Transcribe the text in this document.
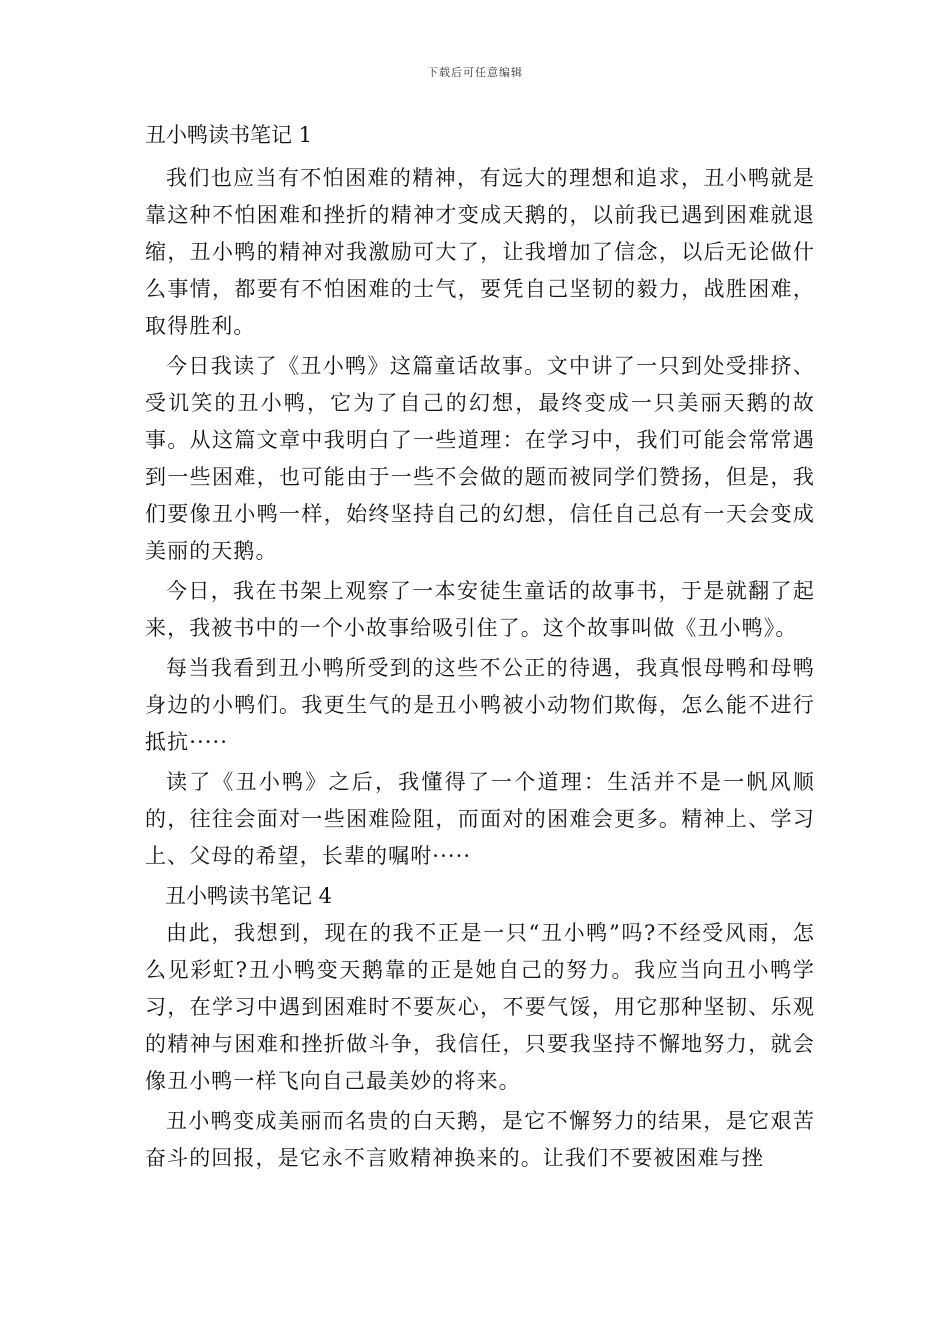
下载后可任意编辑
丑小鸭读书笔记 1

我们也应当有不怕困难的精神，有远大的理想和追求，丑小鸭就是靠这种不怕困难和挫折的精神才变成天鹅的，以前我已遇到困难就退缩，丑小鸭的精神对我激励可大了，让我增加了信念，以后无论做什么事情，都要有不怕困难的士气，要凭自己坚韧的毅力，战胜困难，取得胜利。

今日我读了《丑小鸭》这篇童话故事。文中讲了一只到处受排挤、受讥笑的丑小鸭，它为了自己的幻想，最终变成一只美丽天鹅的故事。从这篇文章中我明白了一些道理：在学习中，我们可能会常常遇到一些困难，也可能由于一些不会做的题而被同学们赞扬，但是，我们要像丑小鸭一样，始终坚持自己的幻想，信任自己总有一天会变成美丽的天鹅。

今日，我在书架上观察了一本安徒生童话的故事书，于是就翻了起来，我被书中的一个小故事给吸引住了。这个故事叫做《丑小鸭》。

每当我看到丑小鸭所受到的这些不公正的待遇，我真恨母鸭和母鸭身边的小鸭们。我更生气的是丑小鸭被小动物们欺侮，怎么能不进行抵抗·····

读了《丑小鸭》之后，我懂得了一个道理：生活并不是一帆风顺的，往往会面对一些困难险阻，而面对的困难会更多。精神上、学习上、父母的希望，长辈的嘱咐·····

丑小鸭读书笔记 4

由此，我想到，现在的我不正是一只“丑小鸭”吗?不经受风雨，怎么见彩虹?丑小鸭变天鹅靠的正是她自己的努力。我应当向丑小鸭学习，在学习中遇到困难时不要灰心，不要气馁，用它那种坚韧、乐观的精神与困难和挫折做斗争，我信任，只要我坚持不懈地努力，就会像丑小鸭一样飞向自己最美妙的将来。

丑小鸭变成美丽而名贵的白天鹅，是它不懈努力的结果，是它艰苦奋斗的回报，是它永不言败精神换来的。让我们不要被困难与挫
